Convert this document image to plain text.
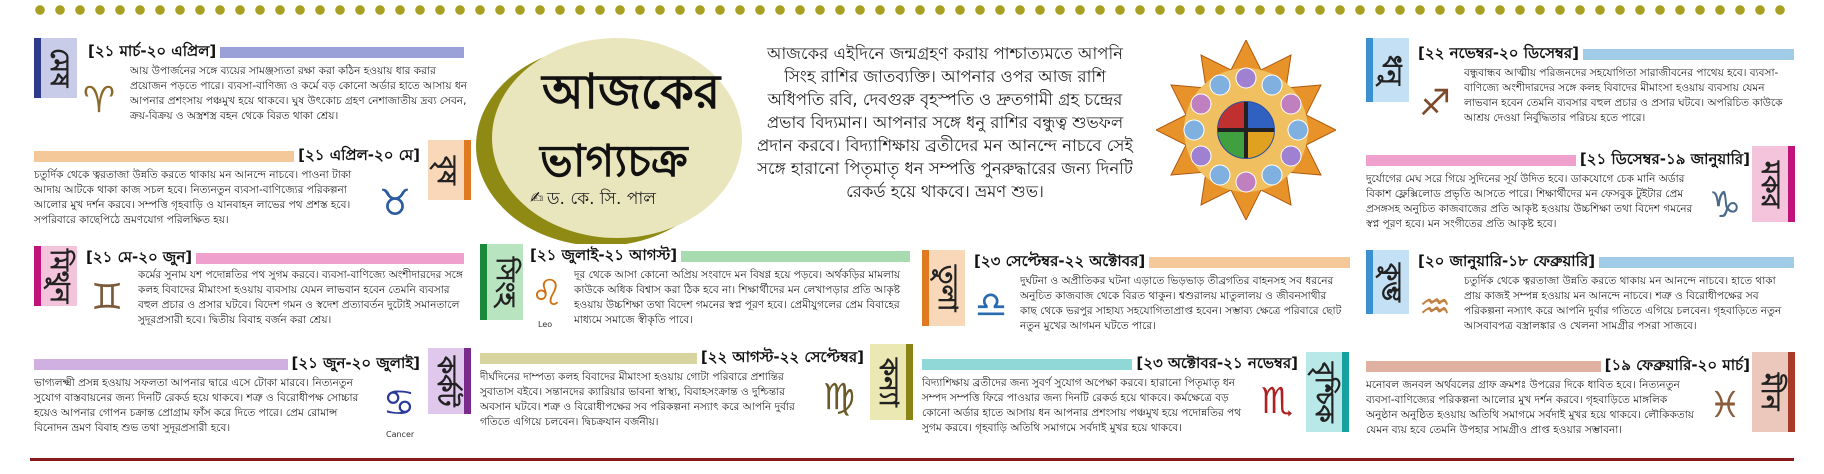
মেষ [২১ মার্চ-২০ এপ্রিল]
♈
আয় উপার্জনের সঙ্গে ব্যয়ের সামঞ্জস্যতা রক্ষা করা কঠিন হওয়ায় ধার করার প্রয়োজন পড়তে পারে। ব্যবসা-বাণিজ্য ও কর্মে বড় কোনো অর্ডার হাতে আসায় ধন আপনার প্রশংসায় পঞ্চমুখ হয়ে থাকবে। ঘুষ উৎকোচ গ্রহণ নেশাজাতীয় দ্রব্য সেবন, ক্রয়-বিক্রয় ও অস্ত্রশস্ত্র বহন থেকে বিরত থাকা শ্রেয়।
[২১ এপ্রিল-২০ মে]
বৃষ
চতুর্দিক থেকে ত্বরতাজা উন্নতি করতে থাকায় মন আনন্দে নাচবে। পাওনা টাকা আদায় আটকে থাকা কাজ সচল হবে। নিত্যনতুন ব্যবসা-বাণিজ্যের পরিকল্পনা আলোর মুখ দর্শন করবে। সম্পত্তি গৃহবাড়ি ও যানবাহন লাভের পথ প্রশস্ত হবে। সপরিবারে কাছেপিঠে ভ্রমণযোগ পরিলক্ষিত হয়।	♉
মিথুন [২১ মে-২০ জুন]
♊
কর্মের সুনাম যশ পদোন্নতির পথ সুগম করবে। ব্যবসা-বাণিজ্যে অংশীদারদের সঙ্গে কলহ বিবাদের মীমাংসা হওয়ায় ব্যবসায় যেমন লাভবান হবেন তেমনি ব্যবসার বহুল প্রচার ও প্রসার ঘটবে। বিদেশ গমন ও স্বদেশ প্রত্যাবর্তন দুটোই সমানতালে সুদূরপ্রসারী হবে। দ্বিতীয় বিবাহ বর্জন করা শ্রেয়।
[২১ জুন-২০ জুলাই] কর্কট
ভাগ্যলক্ষ্মী প্রসন্ন হওয়ায় সফলতা আপনার দ্বারে এসে টোকা মারবে। নিত্যনতুন সুযোগ বাস্তবায়নের জন্য দিনটি রেকর্ড হয়ে থাকবে। শত্রু ও বিরোধীপক্ষ সোচ্চার হয়েও আপনার গোপন চক্রান্ত প্রোগ্রাম ফাঁস করে দিতে পারে। প্রেম রোমান্স বিনোদন ভ্রমণ বিবাহ শুভ তথা সুদূরপ্রসারী হবে।
♋
Cancer
আজকের
ভাগ্যচক্র
✍ ড. কে. সি. পাল
আজকের এইদিনে জন্মগ্রহণ করায় পাশ্চাত্যমতে আপনি সিংহ রাশির জাতব্যক্তি। আপনার ওপর আজ রাশি অধিপতি রবি, দেবগুরু বৃহস্পতি ও দ্রুতগামী গ্রহ চন্দ্রের প্রভাব বিদ্যমান। আপনার সঙ্গে ধনু রাশির বন্ধুত্ব শুভফল প্রদান করবে। বিদ্যাশিক্ষায় ব্রতীদের মন আনন্দে নাচবে সেই সঙ্গে হারানো পিতৃমাতৃ ধন সম্পত্তি পুনরুদ্ধারের জন্য দিনটি রেকর্ড হয়ে থাকবে। ভ্রমণ শুভ।
সিংহ
[২১ জুলাই-২১ আগস্ট]
♌
Leo
দূর থেকে আসা কোনো অপ্রিয় সংবাদে মন বিষণ্ণ হয়ে পড়বে। অর্থকড়ির মামলায় কাউকে অধিক বিশ্বাস করা ঠিক হবে না। শিক্ষার্থীদের মন লেখাপড়ার প্রতি আকৃষ্ট হওয়ায় উচ্চশিক্ষা তথা বিদেশ গমনের স্বপ্ন পূরণ হবে। প্রেমীযুগলের প্রেম বিবাহের মাধ্যমে সমাজে স্বীকৃতি পাবে।
[২২ আগস্ট-২২ সেপ্টেম্বর]
কন্যা
দীর্ঘদিনের দাম্পত্য কলহ বিবাদের মীমাংসা হওয়ায় গোটা পরিবারে প্রশান্তির সুবাতাস বইবে। সন্তানদের ক্যারিয়ার ভাবনা স্বাস্থ্য, বিবাহসংক্রান্ত ও দুশ্চিন্তার অবসান ঘটবে। শত্রু ও বিরোধীপক্ষের সব পরিকল্পনা নস্যাৎ করে আপনি দুর্বার গতিতে এগিয়ে চলবেন। দ্বিচক্রযান বর্জনীয়।
♍
তুলা
[২৩ সেপ্টেম্বর-২২ অক্টোবর]
♎
দুর্ঘটনা ও অপ্রীতিকর ঘটনা এড়াতে ভিড়ভাড় তীব্রগতির বাহনসহ সব ধরনের অনুচিত কাজবাজ থেকে বিরত থাকুন। শ্বশুরালয় মাতুলালয় ও জীবনসাথীর কাছ থেকে ভরপুর সাহায্য সহযোগিতাপ্রাপ্ত হবেন। সম্ভাব্য ক্ষেত্রে পরিবারে ছোট নতুন মুখের আগমন ঘটতে পারে।
[২৩ অক্টোবর-২১ নভেম্বর] বৃশ্চিক
বিদ্যাশিক্ষায় ব্রতীদের জন্য সুবর্ণ সুযোগ অপেক্ষা করবে। হারানো পিতৃমাতৃ ধন সম্পদ সম্পত্তি ফিরে পাওয়ার জন্য দিনটি রেকর্ড হয়ে থাকবে। কর্মক্ষেত্রে বড় কোনো অর্ডার হাতে আসায় ধন আপনার প্রশংসায় পঞ্চমুখ হয়ে পদোন্নতির পথ সুগম করবে। গৃহবাড়ি অতিথি সমাগমে সর্বদাই মুখর হয়ে থাকবে।
♏
ধনু
[২২ নভেম্বর-২০ ডিসেম্বর]
♐
বন্ধুবান্ধব আত্মীয় পরিজনদের সহযোগিতা সারাজীবনের পাথেয় হবে। ব্যবসা-বাণিজ্যে অংশীদারদের সঙ্গে কলহ বিবাদের মীমাংসা হওয়ায় ব্যবসায় যেমন লাভবান হবেন তেমনি ব্যবসার বহুল প্রচার ও প্রসার ঘটবে। অপরিচিত কাউকে আশ্রয় দেওয়া নির্বুদ্ধিতার পরিচয় হতে পারে।
[২১ ডিসেম্বর-১৯ জানুয়ারি]
মকর
দুর্যোগের মেঘ সরে গিয়ে সুদিনের সূর্য উদিত হবে। ডাকযোগে চেক মানি অর্ডার বিকাশ ফ্লেক্সিলোড প্রভৃতি আসতে পারে। শিক্ষার্থীদের মন ফেসবুক টুইটার প্রেম প্রসঙ্গসহ অনুচিত কাজবাজের প্রতি আকৃষ্ট হওয়ায় উচ্চশিক্ষা তথা বিদেশ গমনের স্বপ্ন পূরণ হবে। মন সংগীতের প্রতি আকৃষ্ট হবে।	♑
কুম্ভ
[২০ জানুয়ারি-১৮ ফেব্রুয়ারি]
♒
চতুর্দিক থেকে ত্বরতাজা উন্নতি করতে থাকায় মন আনন্দে নাচবে। হাতে থাকা প্রায় কাজই সম্পন্ন হওয়ায় মন আনন্দে নাচবে। শত্রু ও বিরোধীপক্ষের সব পরিকল্পনা নস্যাৎ করে আপনি দুর্বার গতিতে এগিয়ে চলবেন। গৃহবাড়িতে নতুন আসবাবপত্র বস্ত্রালঙ্কার ও খেলনা সামগ্রীর পসরা সাজবে।
[১৯ ফেব্রুয়ারি-২০ মার্চ]
মীন
মনোবল জনবল অর্থবলের গ্রাফ ক্রমশঃ উপরের দিকে ধাবিত হবে। নিত্যনতুন ব্যবসা-বাণিজ্যের পরিকল্পনা আলোর মুখ দর্শন করবে। গৃহবাড়িতে মাঙ্গলিক অনুষ্ঠান অনুষ্ঠিত হওয়ায় অতিথি সমাগমে সর্বদাই মুখর হয়ে থাকবে। লৌকিকতায় যেমন ব্যয় হবে তেমনি উপহার সামগ্রীও প্রাপ্ত হওয়ার সম্ভাবনা।
♓
